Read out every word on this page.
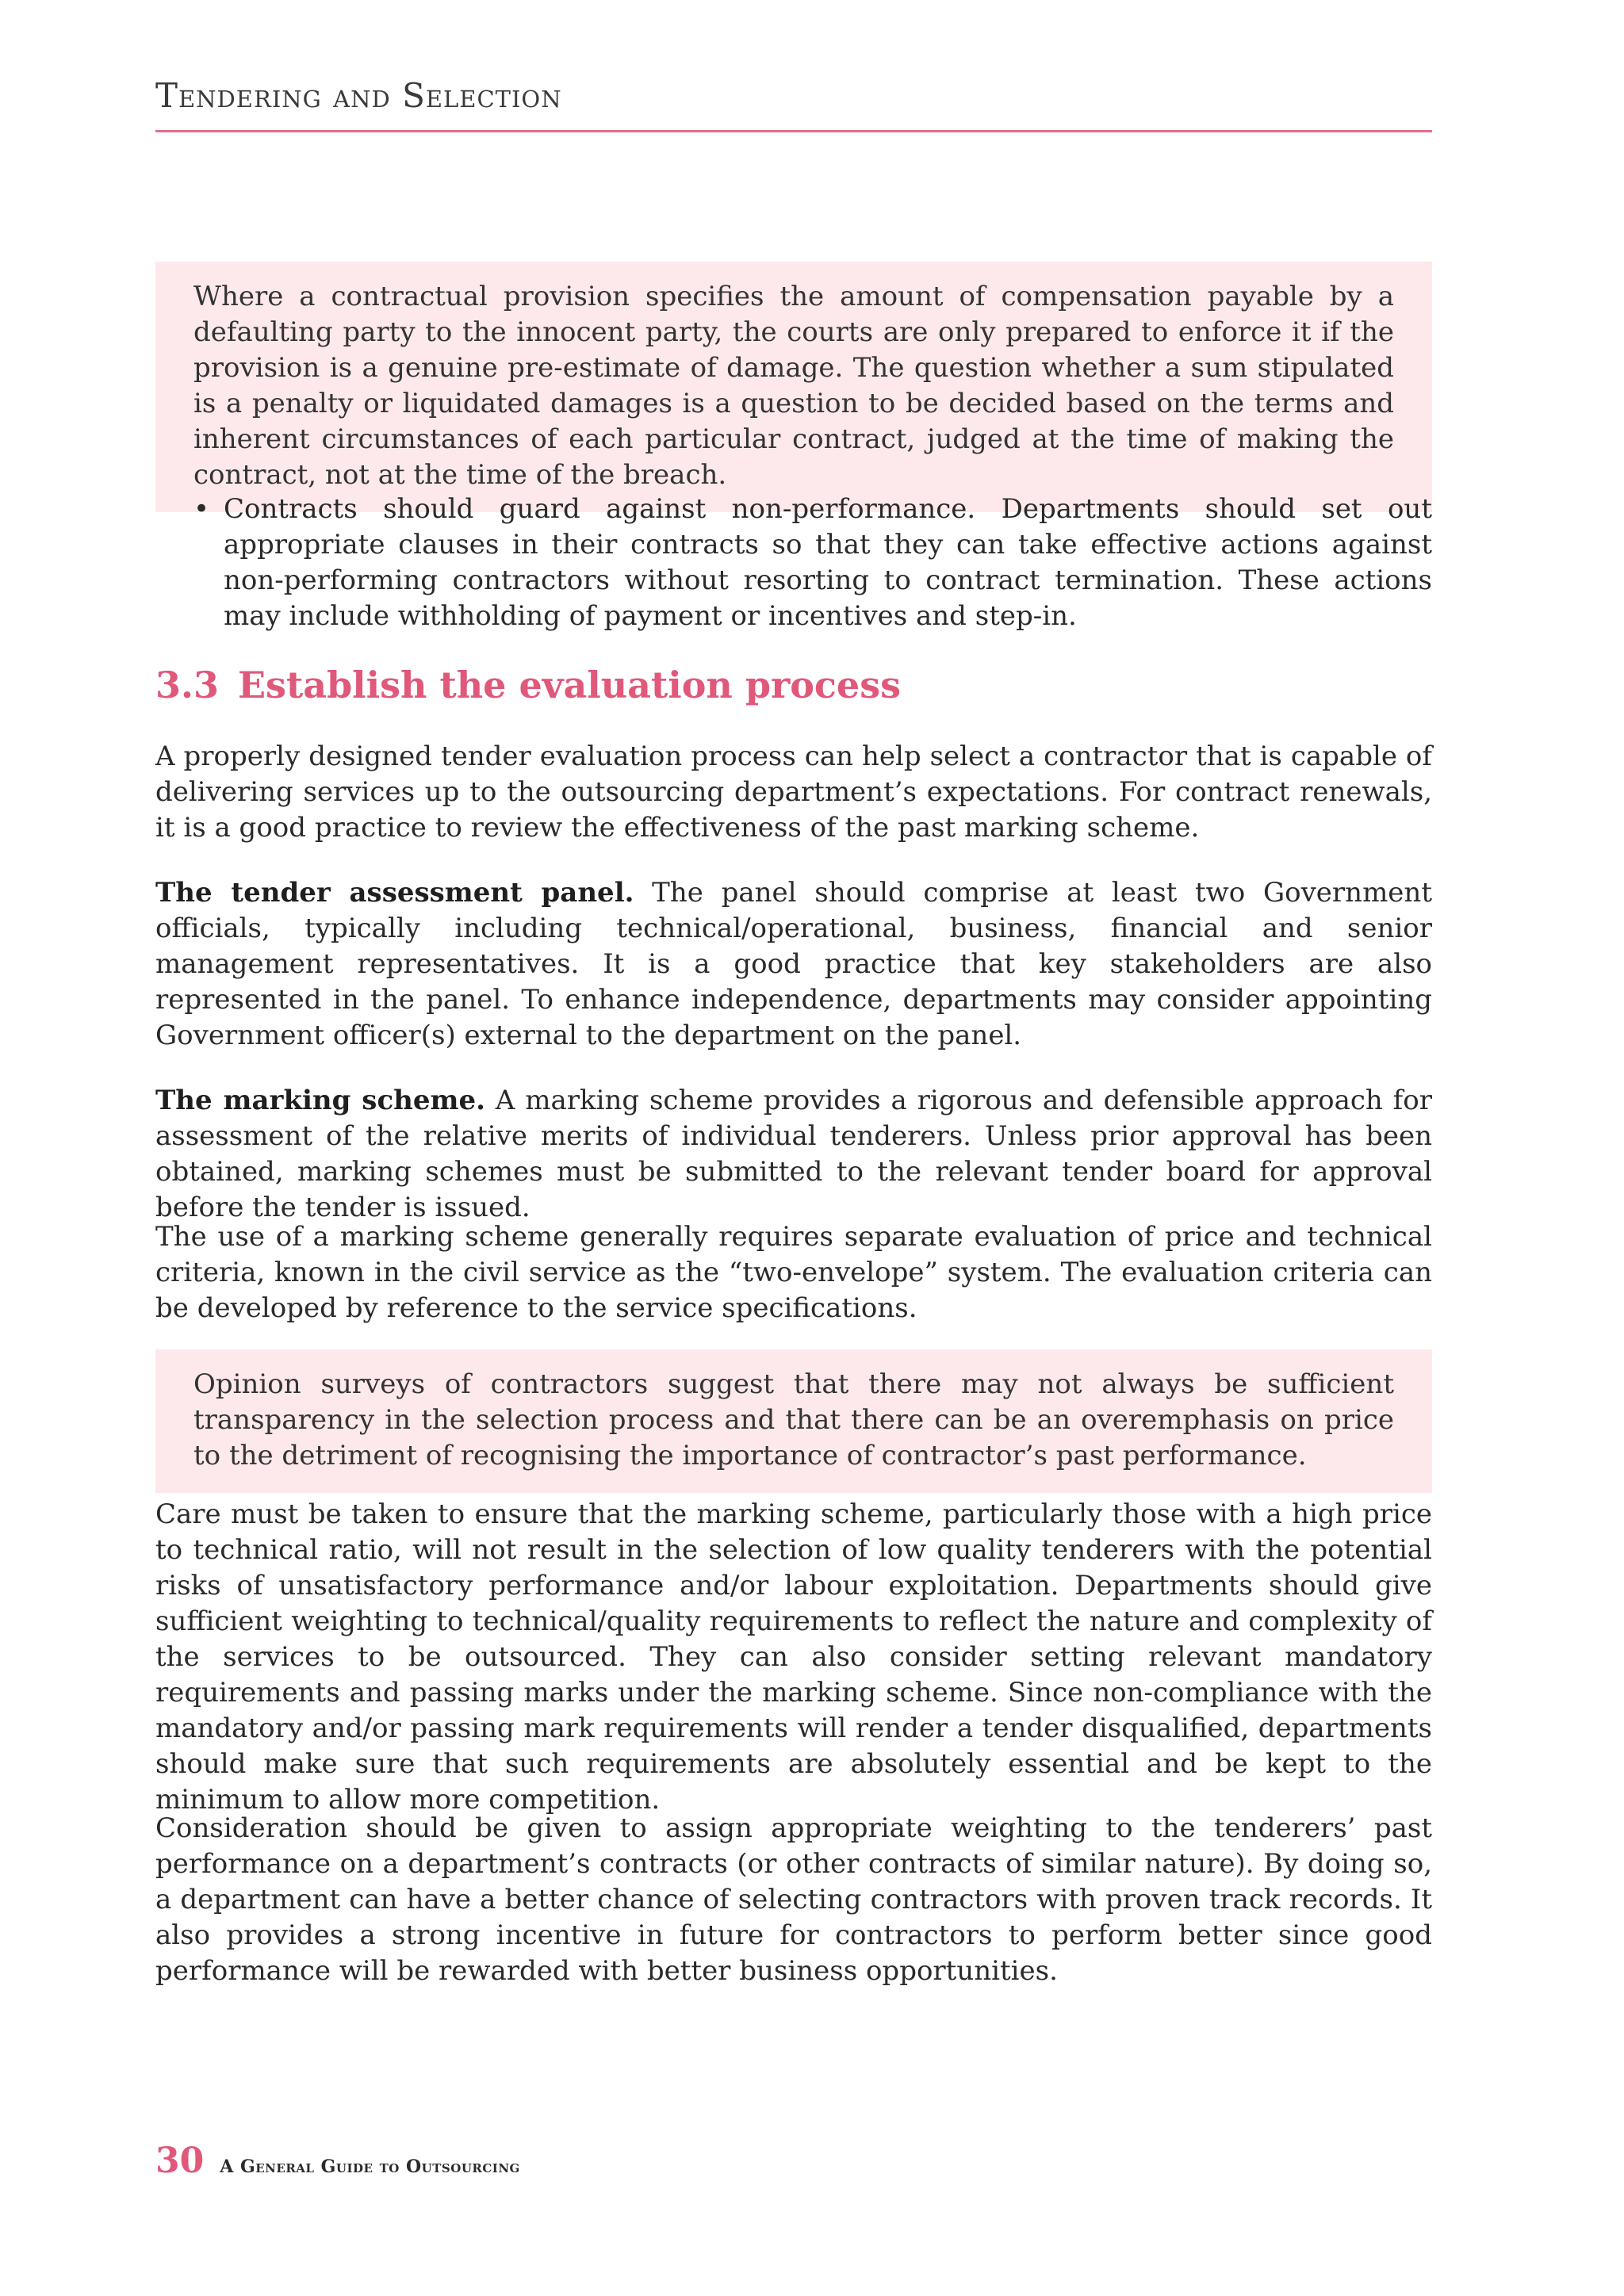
Tendering and Selection

Where a contractual provision specifies the amount of compensation payable by a defaulting party to the innocent party, the courts are only prepared to enforce it if the provision is a genuine pre-estimate of damage. The question whether a sum stipulated is a penalty or liquidated damages is a question to be decided based on the terms and inherent circumstances of each particular contract, judged at the time of making the contract, not at the time of the breach.

• Contracts should guard against non-performance. Departments should set out appropriate clauses in their contracts so that they can take effective actions against non-performing contractors without resorting to contract termination. These actions may include withholding of payment or incentives and step-in.
3.3 Establish the evaluation process

A properly designed tender evaluation process can help select a contractor that is capable of delivering services up to the outsourcing department’s expectations. For contract renewals, it is a good practice to review the effectiveness of the past marking scheme.

The tender assessment panel. The panel should comprise at least two Government officials, typically including technical/operational, business, financial and senior management representatives. It is a good practice that key stakeholders are also represented in the panel. To enhance independence, departments may consider appointing Government officer(s) external to the department on the panel.

The marking scheme. A marking scheme provides a rigorous and defensible approach for assessment of the relative merits of individual tenderers. Unless prior approval has been obtained, marking schemes must be submitted to the relevant tender board for approval before the tender is issued.

The use of a marking scheme generally requires separate evaluation of price and technical criteria, known in the civil service as the “two-envelope” system. The evaluation criteria can be developed by reference to the service specifications.

Opinion surveys of contractors suggest that there may not always be sufficient transparency in the selection process and that there can be an overemphasis on price to the detriment of recognising the importance of contractor’s past performance.

Care must be taken to ensure that the marking scheme, particularly those with a high price to technical ratio, will not result in the selection of low quality tenderers with the potential risks of unsatisfactory performance and/or labour exploitation. Departments should give sufficient weighting to technical/quality requirements to reflect the nature and complexity of the services to be outsourced. They can also consider setting relevant mandatory requirements and passing marks under the marking scheme. Since non-compliance with the mandatory and/or passing mark requirements will render a tender disqualified, departments should make sure that such requirements are absolutely essential and be kept to the minimum to allow more competition.

Consideration should be given to assign appropriate weighting to the tenderers’ past performance on a department’s contracts (or other contracts of similar nature). By doing so, a department can have a better chance of selecting contractors with proven track records. It also provides a strong incentive in future for contractors to perform better since good performance will be rewarded with better business opportunities.

30 A General Guide to Outsourcing
